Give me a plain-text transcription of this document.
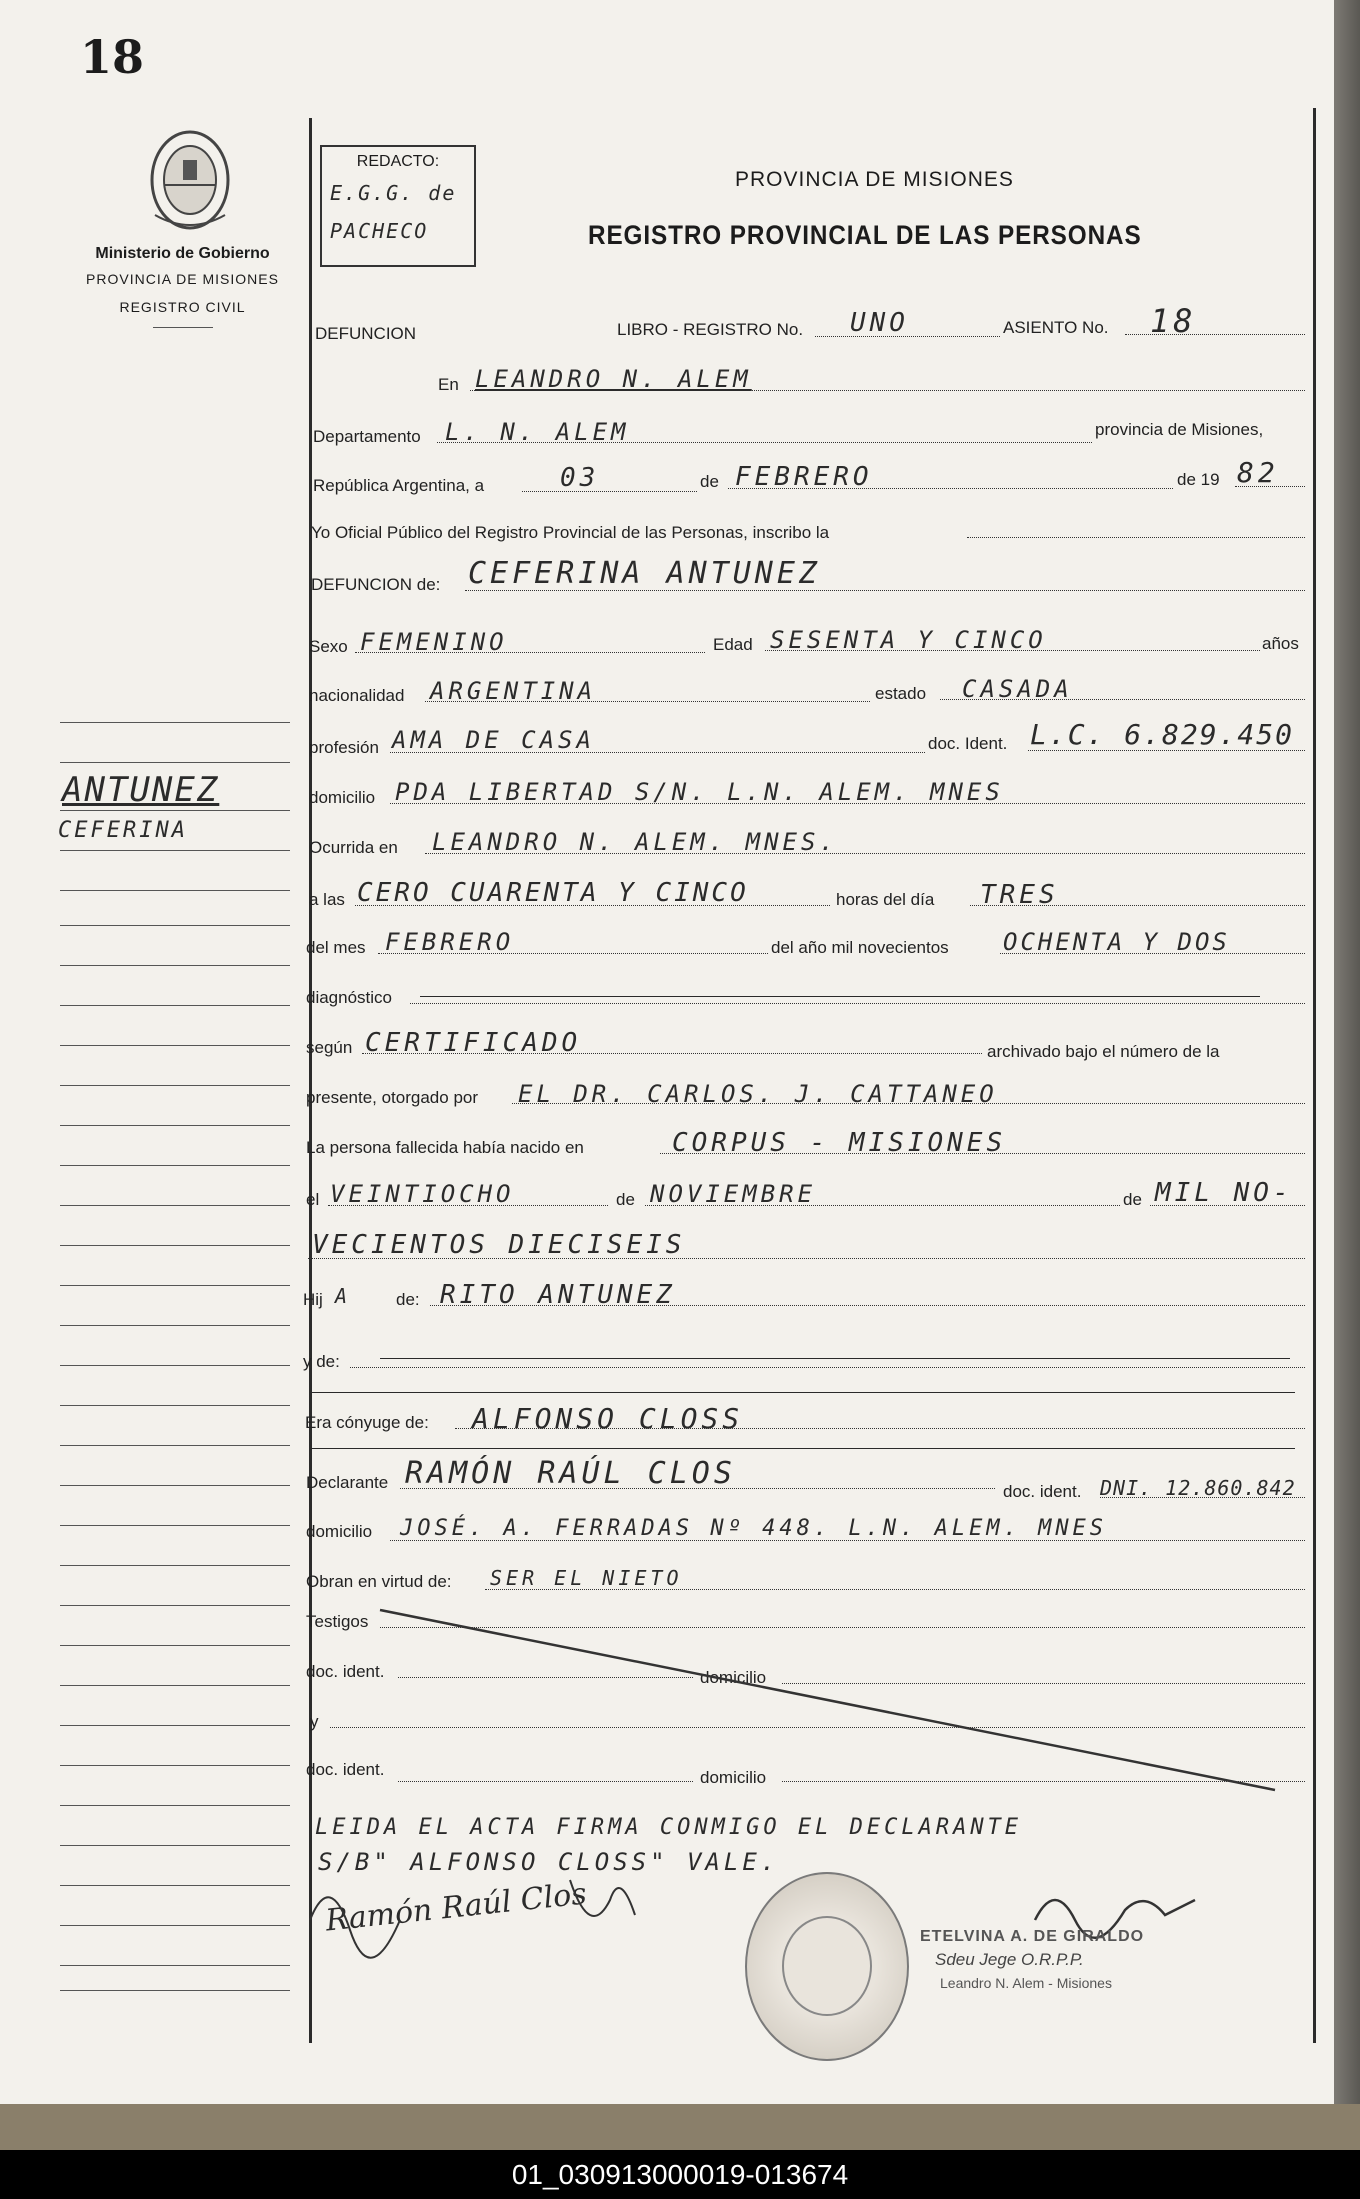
01_030913000019-013674
18
Ministerio de Gobierno
PROVINCIA DE MISIONES
REGISTRO CIVIL
REDACTO:
E.G.G. de
PACHECO
PROVINCIA DE MISIONES
REGISTRO PROVINCIAL DE LAS PERSONAS
ANTUNEZ
CEFERINA
DEFUNCION	LIBRO - REGISTRO No. UNO	ASIENTO No. 18
En LEANDRO N. ALEM
Departamento L. N. ALEM	provincia de Misiones,
República Argentina, a	03	de FEBRERO	de 19 82
Yo Oficial Público del Registro Provincial de las Personas, inscribo la
DEFUNCION de: CEFERINA ANTUNEZ
Sexo FEMENINO	Edad SESENTA Y CINCO	años
nacionalidad ARGENTINA	estado CASADA
profesión AMA DE CASA	doc. Ident. L.C. 6.829.450
domicilio PDA LIBERTAD S/N. L.N. ALEM. MNES
Ocurrida en LEANDRO N. ALEM. MNES.
a las CERO CUARENTA Y CINCO	horas del día TRES
del mes FEBRERO	del año mil novecientos OCHENTA Y DOS
diagnóstico
según CERTIFICADO	archivado bajo el número de la
presente, otorgado por EL DR. CARLOS. J. CATTANEO
La persona fallecida había nacido en	CORPUS - MISIONES
el VEINTIOCHO	de NOVIEMBRE	de MIL NO-
VECIENTOS DIECISEIS
Hij A	de: RITO ANTUNEZ
y de:
Era cónyuge de: ALFONSO CLOSS
Declarante RAMÓN RAÚL CLOS
doc. ident. DNI. 12.860.842
domicilio JOSÉ. A. FERRADAS Nº 448. L.N. ALEM. MNES
Obran en virtud de: SER EL NIETO
Testigos
doc. ident.	domicilio
y
doc. ident.	domicilio
LEIDA EL ACTA FIRMA CONMIGO EL DECLARANTE
S/B" ALFONSO CLOSS" VALE.
Ramón Raúl Clos	ETELVINA A. DE GIRALDO
Sdeu Jege O.R.P.P.
Leandro N. Alem - Misiones
